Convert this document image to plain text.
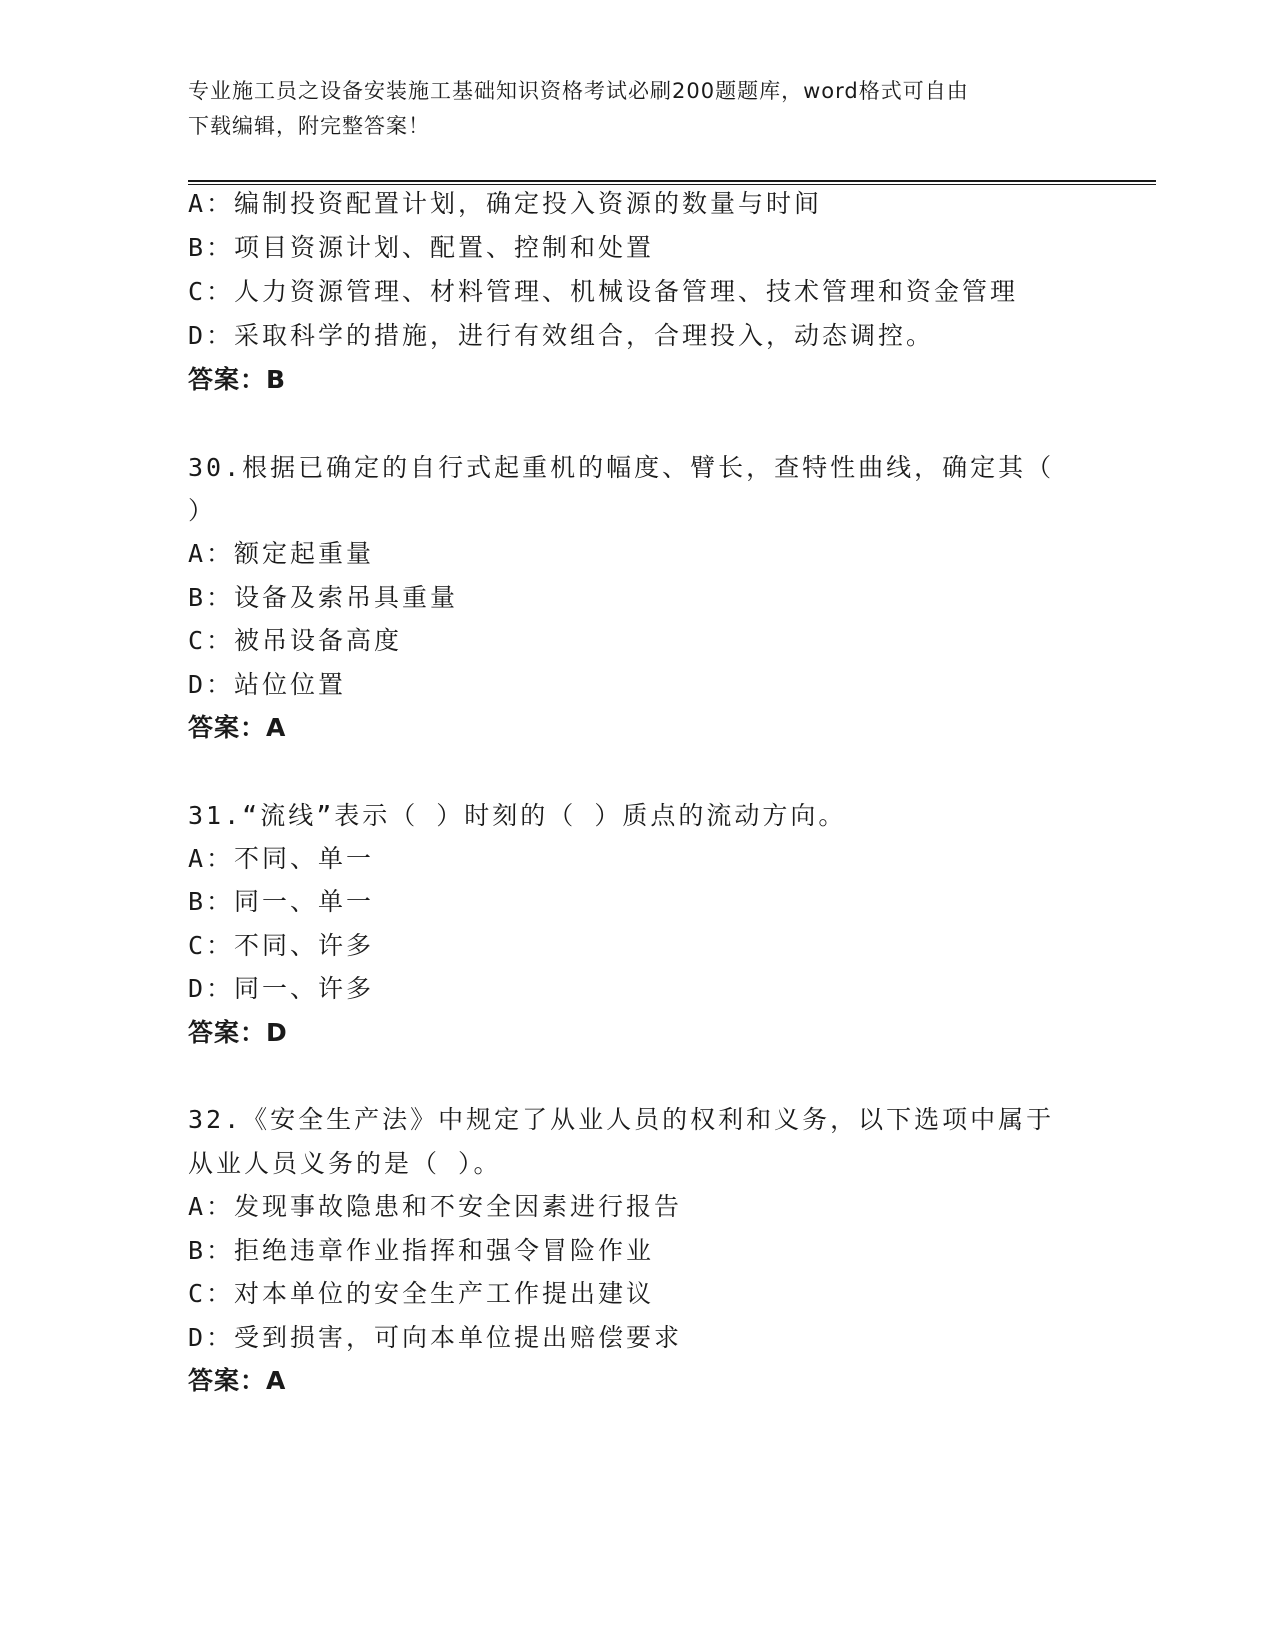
专业施工员之设备安装施工基础知识资格考试必刷200题题库，word格式可自由
下载编辑，附完整答案！
A：编制投资配置计划，确定投入资源的数量与时间
B：项目资源计划、配置、控制和处置
C：人力资源管理、材料管理、机械设备管理、技术管理和资金管理
D：采取科学的措施，进行有效组合，合理投入，动态调控。
答案：B
30.根据已确定的自行式起重机的幅度、臂长，查特性曲线，确定其（
）
A：额定起重量
B：设备及索吊具重量
C：被吊设备高度
D：站位位置
答案：A
31.“流线”表示（ ）时刻的（ ）质点的流动方向。
A：不同、单一
B：同一、单一
C：不同、许多
D：同一、许多
答案：D
32.《安全生产法》中规定了从业人员的权利和义务，以下选项中属于
从业人员义务的是（ ）。
A：发现事故隐患和不安全因素进行报告
B：拒绝违章作业指挥和强令冒险作业
C：对本单位的安全生产工作提出建议
D：受到损害，可向本单位提出赔偿要求
答案：A
